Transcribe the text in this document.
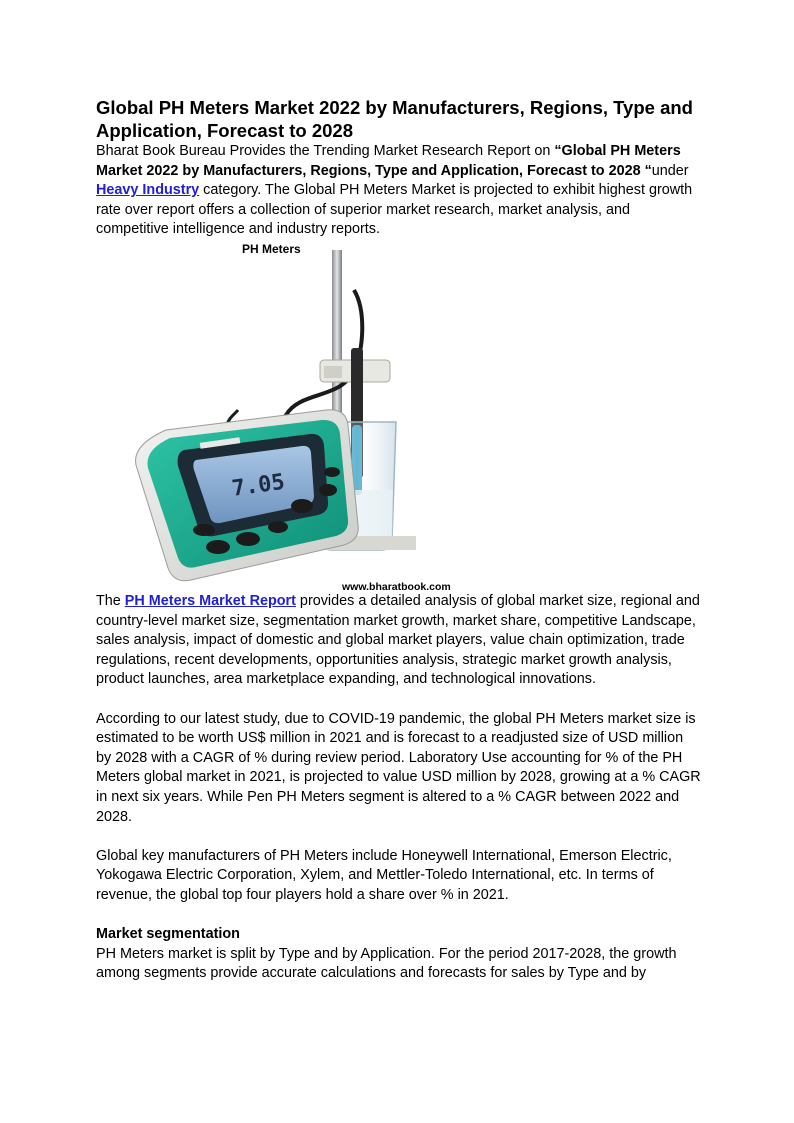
Global PH Meters Market 2022 by Manufacturers, Regions, Type and Application, Forecast to 2028

Bharat Book Bureau Provides the Trending Market Research Report on “Global PH Meters Market 2022 by Manufacturers, Regions, Type and Application, Forecast to 2028 “under Heavy Industry category. The Global PH Meters Market is projected to exhibit highest growth rate over report offers a collection of superior market research, market analysis, and competitive intelligence and industry reports.

PH Meters
7.05
www.bharatbook.com

The PH Meters Market Report provides a detailed analysis of global market size, regional and country-level market size, segmentation market growth, market share, competitive Landscape, sales analysis, impact of domestic and global market players, value chain optimization, trade regulations, recent developments, opportunities analysis, strategic market growth analysis, product launches, area marketplace expanding, and technological innovations.

According to our latest study, due to COVID-19 pandemic, the global PH Meters market size is estimated to be worth US$ million in 2021 and is forecast to a readjusted size of USD million by 2028 with a CAGR of % during review period. Laboratory Use accounting for % of the PH Meters global market in 2021, is projected to value USD million by 2028, growing at a % CAGR in next six years. While Pen PH Meters segment is altered to a % CAGR between 2022 and 2028.

Global key manufacturers of PH Meters include Honeywell International, Emerson Electric, Yokogawa Electric Corporation, Xylem, and Mettler-Toledo International, etc. In terms of revenue, the global top four players hold a share over % in 2021.

Market segmentation

PH Meters market is split by Type and by Application. For the period 2017-2028, the growth among segments provide accurate calculations and forecasts for sales by Type and by
